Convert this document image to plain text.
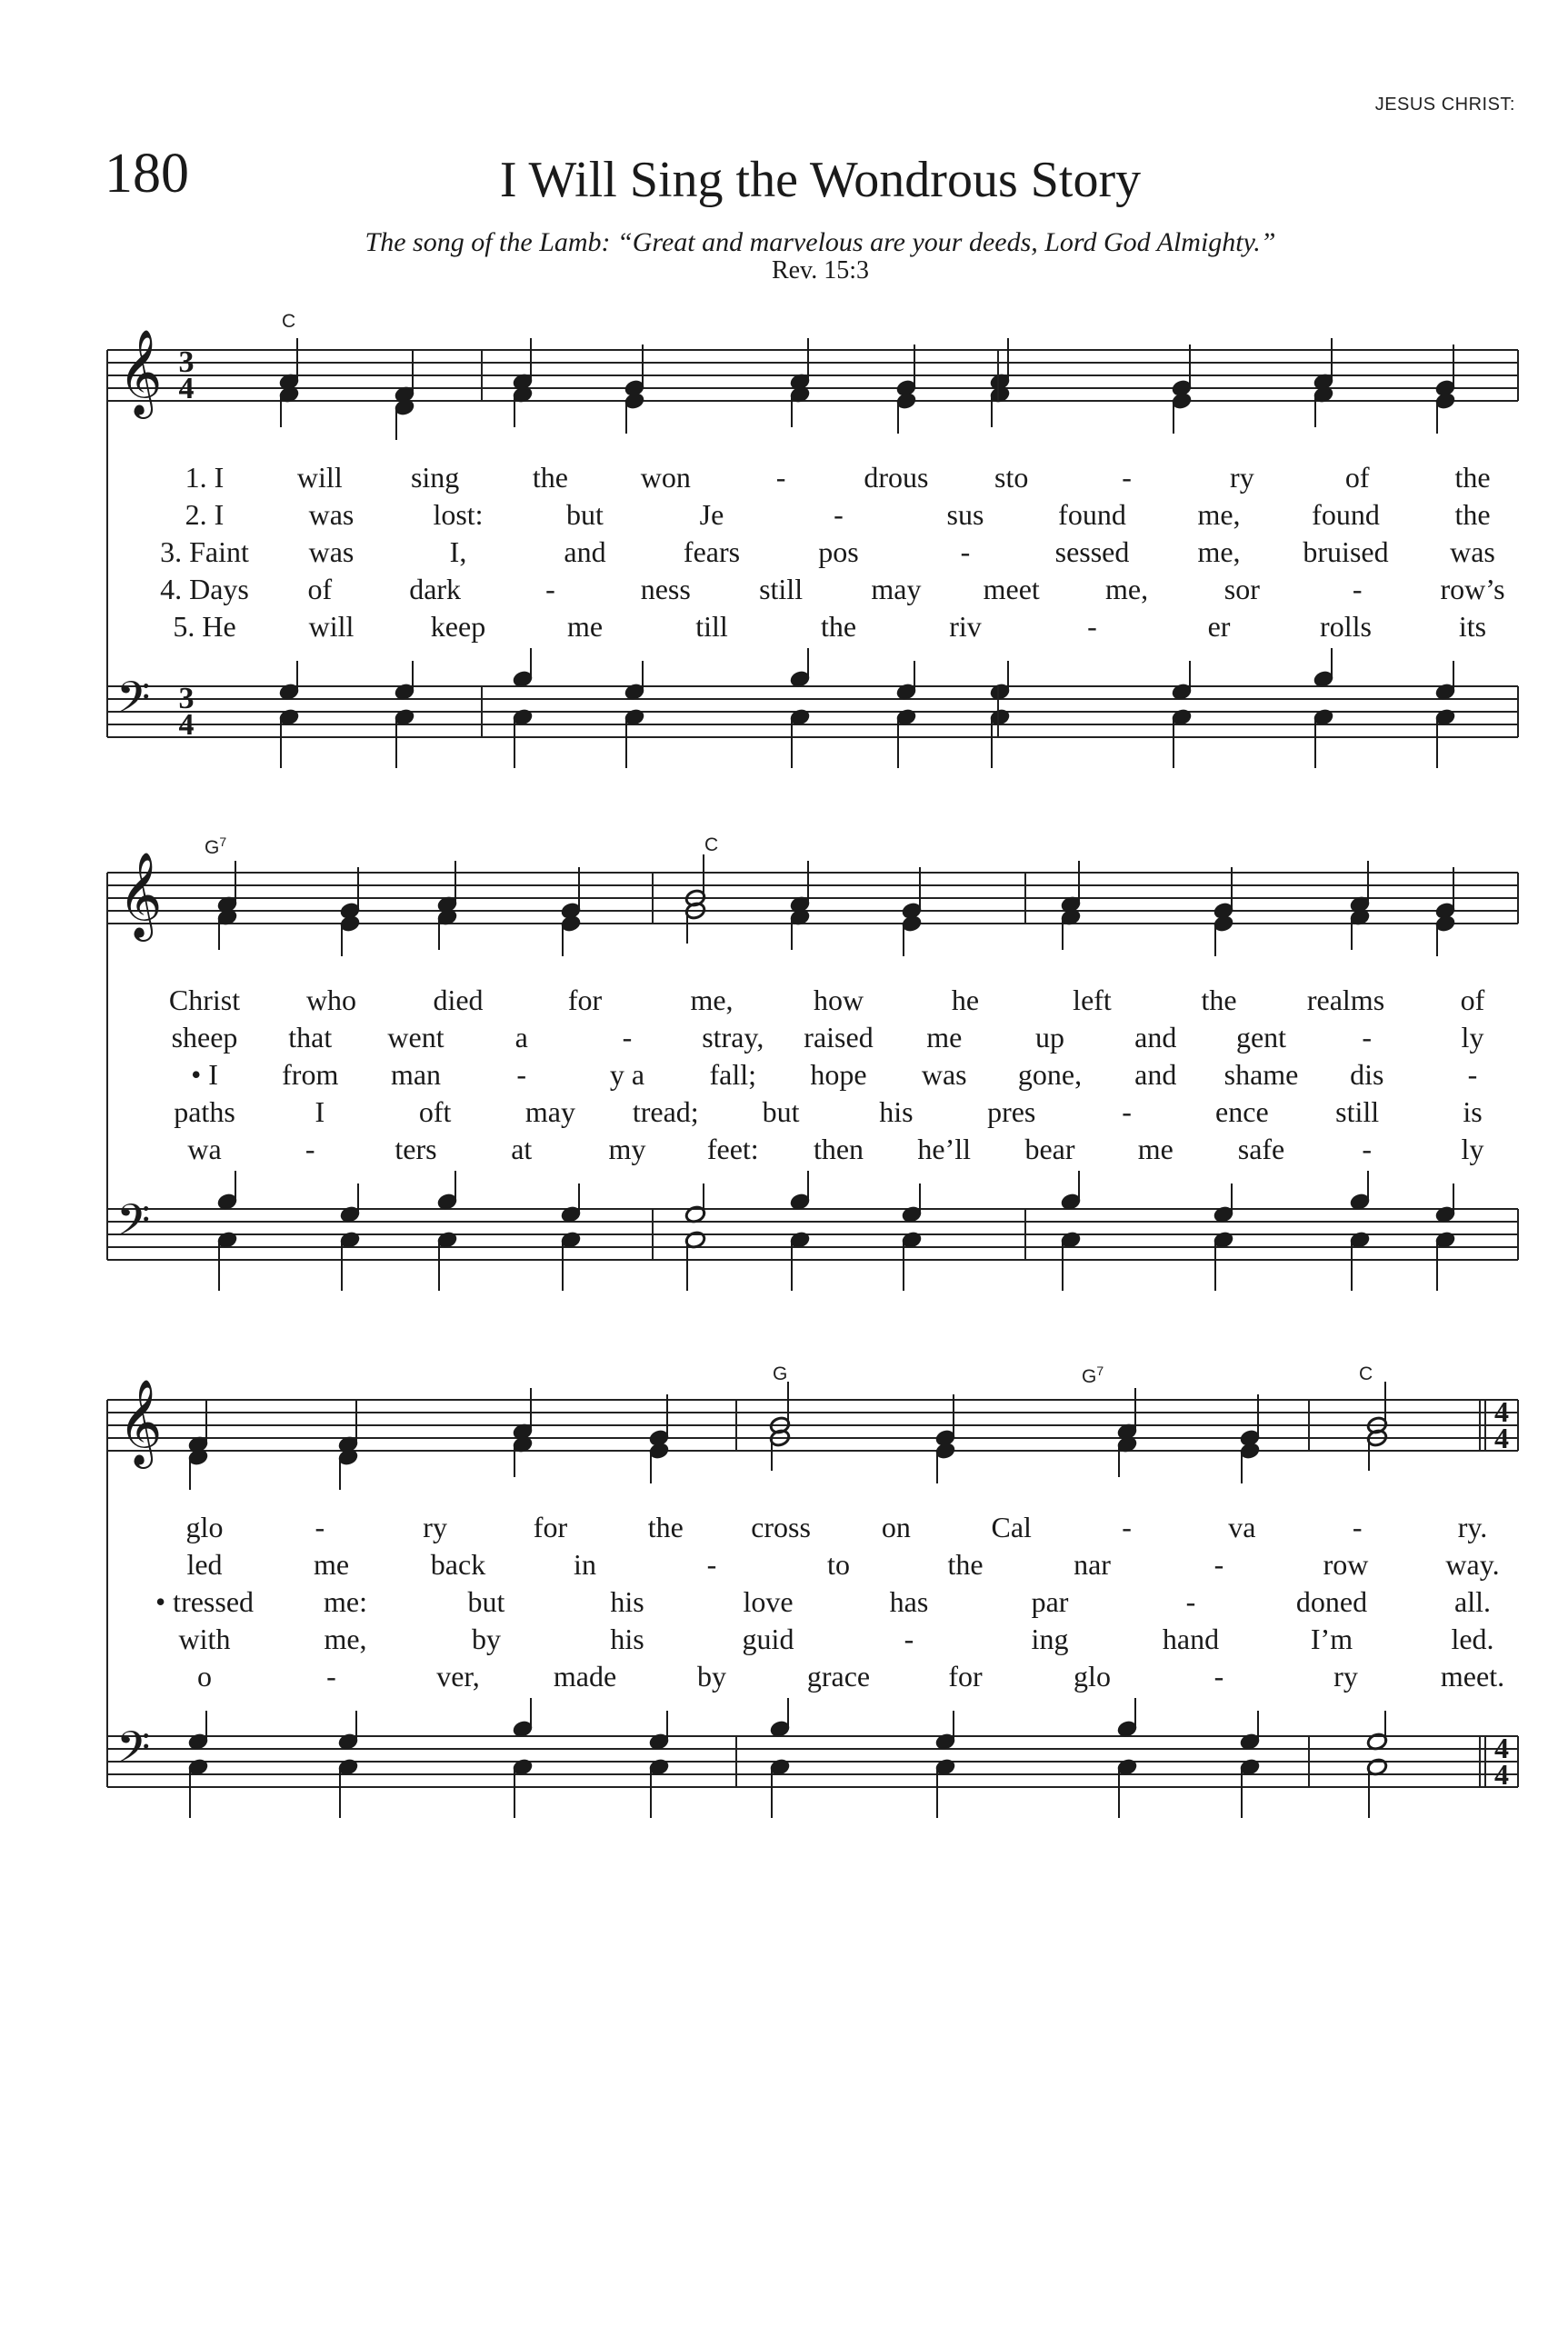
JESUS CHRIST:
180	I Will Sing the Wondrous Story
The song of the Lamb: “Great and marvelous are your deeds, Lord God Almighty.”
Rev. 15:3
𝄞
𝄢
3
4
3
4
𝄞
𝄢
𝄞
𝄢
4
4
4
4
C
1. I	will sing	the won	-	drous sto	-	ry	of	the
2. I	was	lost:	but	Je	-	sus	found me, found	the
3. Faint was	I,	and	fears	pos	-	sessed me, bruised was
4. Days of	dark	-	ness still may meet me,	sor	-	row’s
5. He will	keep	me	till	the	riv	-	er	rolls	its
$G^7$	C
Christ who	died	for	me,	how	he	left	the realms	of
sheep that went a	- stray, raised me	up and gent	-	ly
• I from man	-	y a fall; hope was gone, and shame dis	-
paths	I	oft	may tread; but	his	pres	-	ence still	is
wa	-	ters	at	my feet: then he’ll bear me safe	-	ly
G	$G^7$	C
glo	-	ry	for	the cross on	Cal	-	va	-	ry.
led	me	back	in	-	to	the	nar	-	row	way.
• tressed me:	but	his	love	has	par	-	doned	all.
with	me,	by	his	guid	-	ing	hand	I’m	led.
o	-	ver,	made	by	grace	for	glo	-	ry	meet.
